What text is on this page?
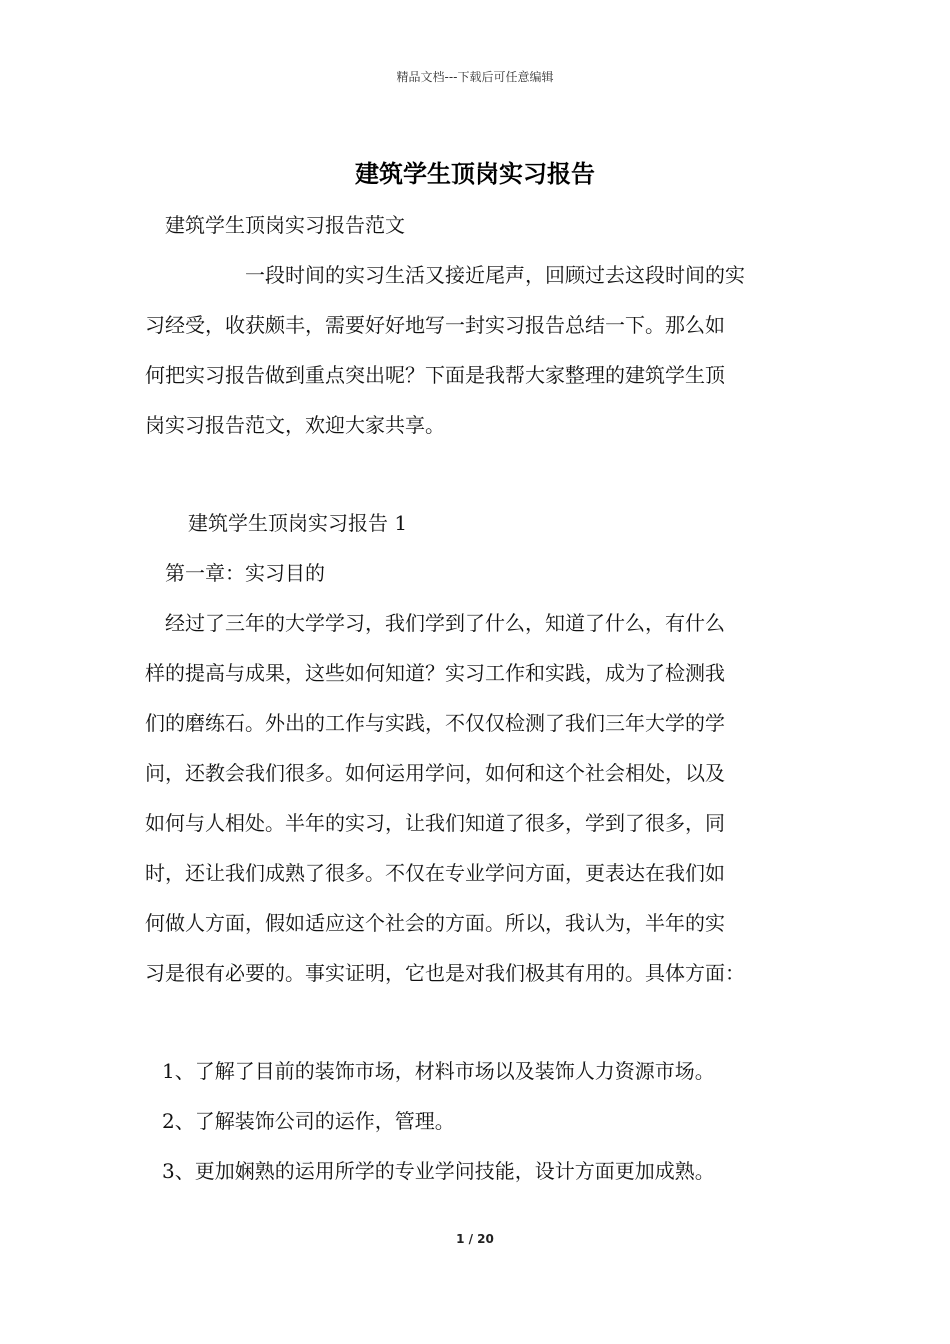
精品文档---下载后可任意编辑
建筑学生顶岗实习报告
建筑学生顶岗实习报告范文
一段时间的实习生活又接近尾声，回顾过去这段时间的实
习经受，收获颇丰，需要好好地写一封实习报告总结一下。那么如
何把实习报告做到重点突出呢？下面是我帮大家整理的建筑学生顶
岗实习报告范文，欢迎大家共享。
建筑学生顶岗实习报告 1
第一章：实习目的
经过了三年的大学学习，我们学到了什么，知道了什么，有什么
样的提高与成果，这些如何知道？实习工作和实践，成为了检测我
们的磨练石。外出的工作与实践，不仅仅检测了我们三年大学的学
问，还教会我们很多。如何运用学问，如何和这个社会相处，以及
如何与人相处。半年的实习，让我们知道了很多，学到了很多，同
时，还让我们成熟了很多。不仅在专业学问方面，更表达在我们如
何做人方面，假如适应这个社会的方面。所以，我认为，半年的实
习是很有必要的。事实证明，它也是对我们极其有用的。具体方面：
1、了解了目前的装饰市场，材料市场以及装饰人力资源市场。
2、了解装饰公司的运作，管理。
3、更加娴熟的运用所学的专业学问技能，设计方面更加成熟。
1 / 20
